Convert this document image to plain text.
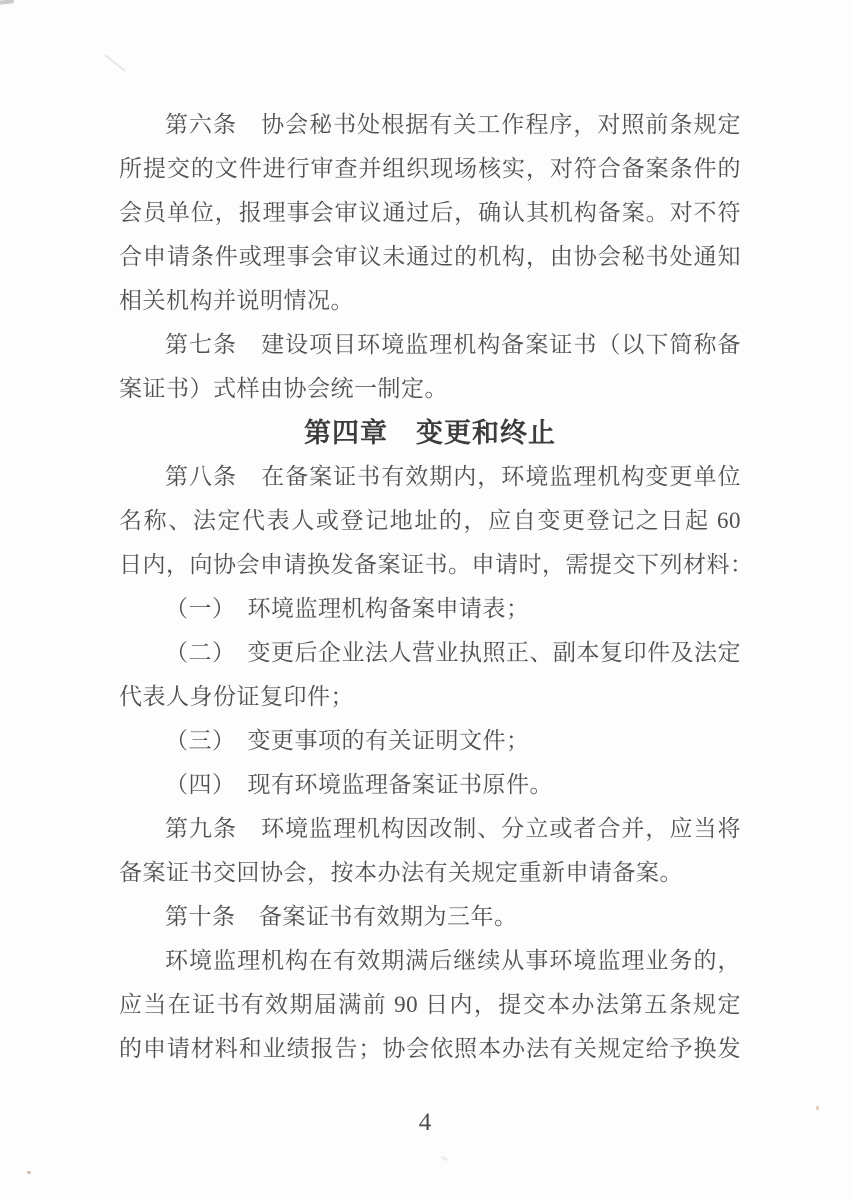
第六条　协会秘书处根据有关工作程序，对照前条规定
所提交的文件进行审查并组织现场核实，对符合备案条件的
会员单位，报理事会审议通过后，确认其机构备案。对不符
合申请条件或理事会审议未通过的机构，由协会秘书处通知
相关机构并说明情况。
第七条　建设项目环境监理机构备案证书（以下简称备
案证书）式样由协会统一制定。
第四章　变更和终止
第八条　在备案证书有效期内，环境监理机构变更单位
名称、法定代表人或登记地址的，应自变更登记之日起 60
日内，向协会申请换发备案证书。申请时，需提交下列材料：
（一）　环境监理机构备案申请表；
（二）　变更后企业法人营业执照正、副本复印件及法定
代表人身份证复印件；
（三）　变更事项的有关证明文件；
（四）　现有环境监理备案证书原件。
第九条　环境监理机构因改制、分立或者合并，应当将
备案证书交回协会，按本办法有关规定重新申请备案。
第十条　备案证书有效期为三年。
环境监理机构在有效期满后继续从事环境监理业务的，
应当在证书有效期届满前 90 日内，提交本办法第五条规定
的申请材料和业绩报告；协会依照本办法有关规定给予换发
4
